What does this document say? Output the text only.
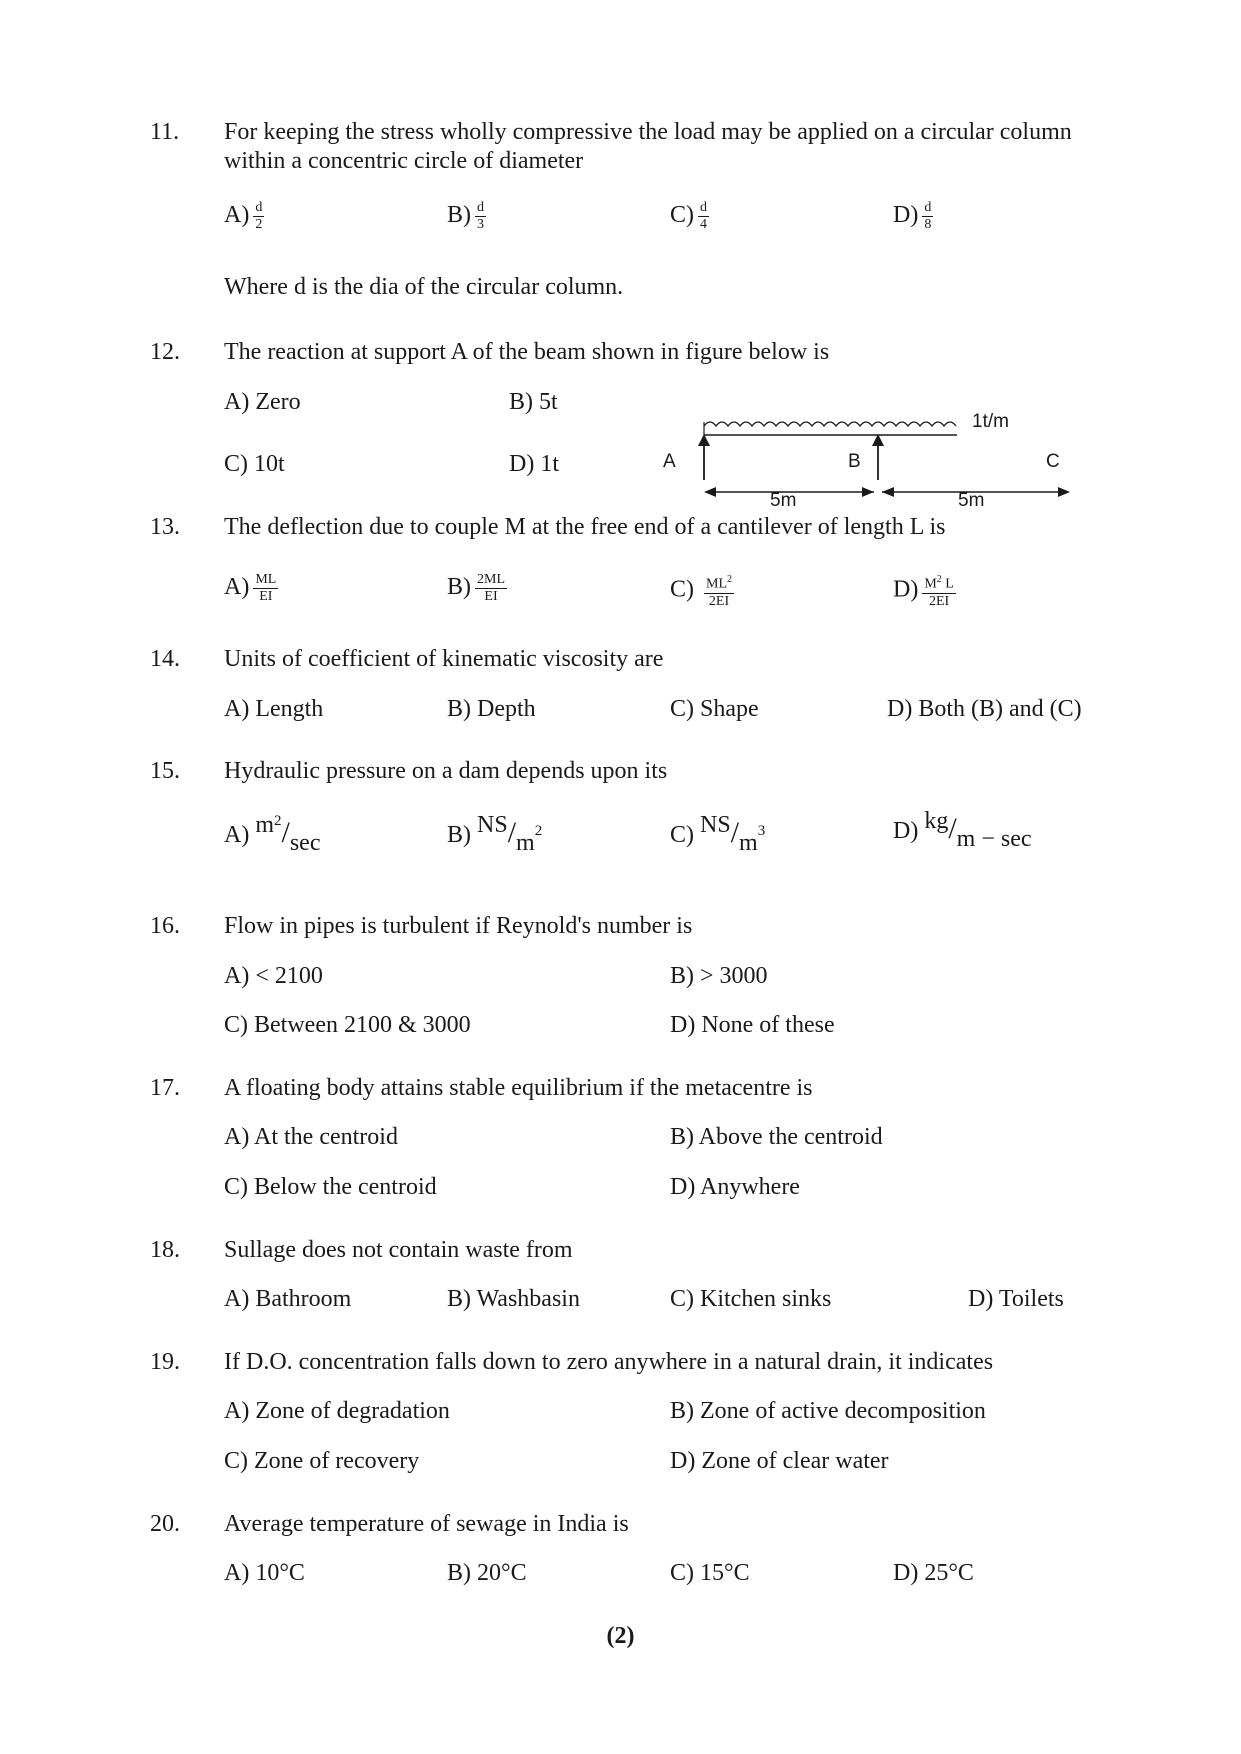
11. For keeping the stress wholly compressive the load may be applied on a circular column
within a concentric circle of diameter
$A) \frac{d}{2}$	$B) \frac{d}{3}$	$C) \frac{d}{4}$	$D) \frac{d}{8}$
Where d is the dia of the circular column.
12. The reaction at support A of the beam shown in figure below is
A) Zero	B) 5t
C) 10t	D) 1t	A	B	C
1t/m
5m	5m
13. The deflection due to couple M at the free end of a cantilever of length L is
$A) \frac{ML}{EI}$	$B) \frac{2ML}{EI}$	$C) \frac{ML^2}{2EI}$	$D) \frac{M^2 L}{2EI}$
14. Units of coefficient of kinematic viscosity are
A) Length	B) Depth	C) Shape	D) Both (B) and (C)
15. Hydraulic pressure on a dam depends upon its
A) $m^2/\sec$	B) $NS/m^2$	C) $NS/m^3$	D) kg/m − sec
16. Flow in pipes is turbulent if Reynold's number is
A) < 2100	B) > 3000
C) Between 2100 & 3000	D) None of these
17. A floating body attains stable equilibrium if the metacentre is
A) At the centroid	B) Above the centroid
C) Below the centroid	D) Anywhere
18. Sullage does not contain waste from
A) Bathroom	B) Washbasin	C) Kitchen sinks	D) Toilets
19. If D.O. concentration falls down to zero anywhere in a natural drain, it indicates
A) Zone of degradation	B) Zone of active decomposition
C) Zone of recovery	D) Zone of clear water
20. Average temperature of sewage in India is
A) 10°C	B) 20°C	C) 15°C	D) 25°C
(2)
